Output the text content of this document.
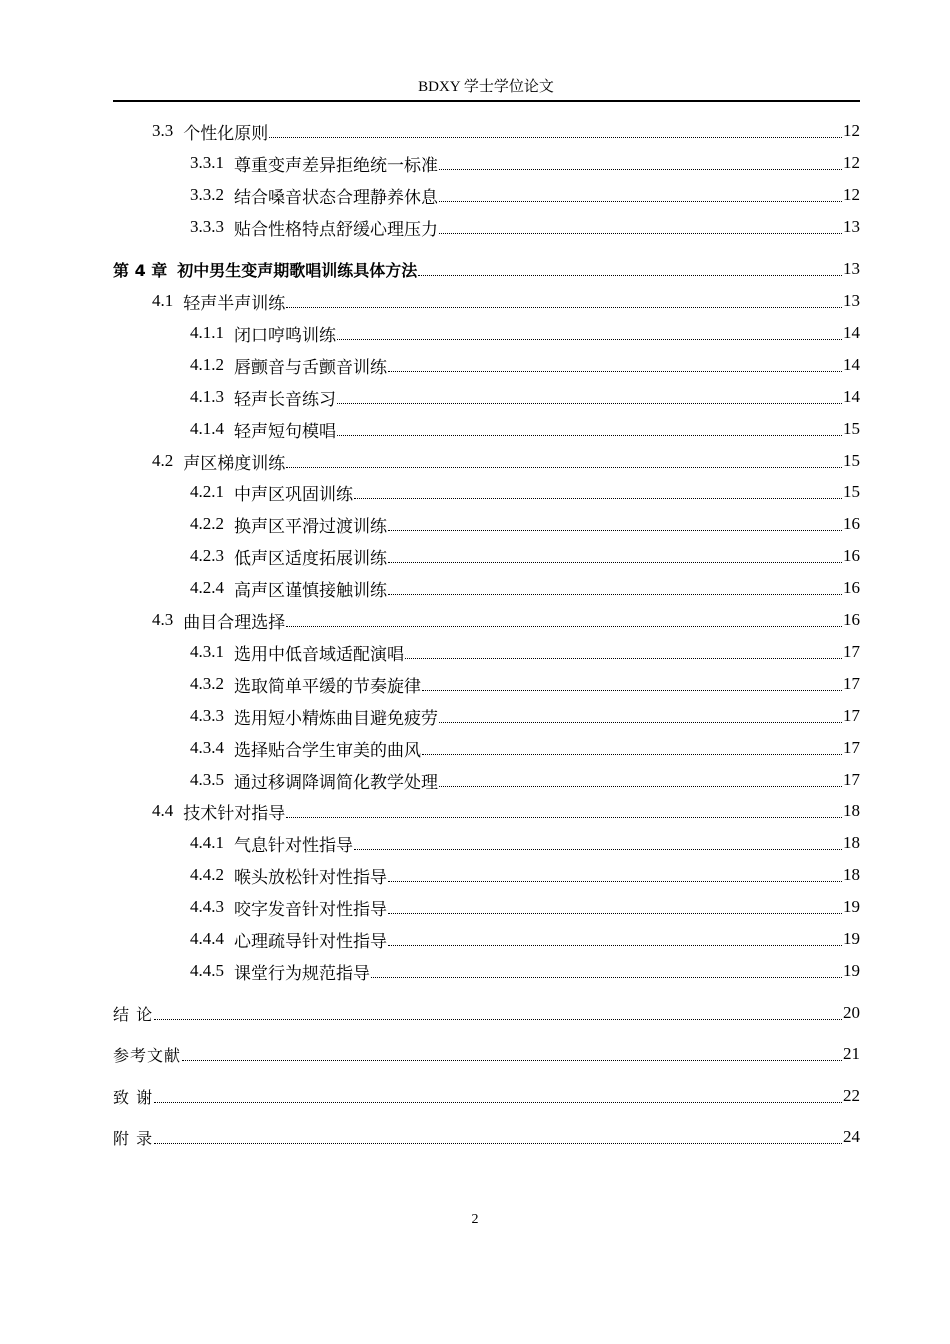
BDXY 学士学位论文
3.3 个性化原则	12
3.3.1 尊重变声差异拒绝统一标准	12
3.3.2 结合嗓音状态合理静养休息	12
3.3.3 贴合性格特点舒缓心理压力	13
第 4 章 初中男生变声期歌唱训练具体方法	13
4.1 轻声半声训练	13
4.1.1 闭口哼鸣训练	14
4.1.2 唇颤音与舌颤音训练	14
4.1.3 轻声长音练习	14
4.1.4 轻声短句模唱	15
4.2 声区梯度训练	15
4.2.1 中声区巩固训练	15
4.2.2 换声区平滑过渡训练	16
4.2.3 低声区适度拓展训练	16
4.2.4 高声区谨慎接触训练	16
4.3 曲目合理选择	16
4.3.1 选用中低音域适配演唱	17
4.3.2 选取简单平缓的节奏旋律	17
4.3.3 选用短小精炼曲目避免疲劳	17
4.3.4 选择贴合学生审美的曲风	17
4.3.5 通过移调降调简化教学处理	17
4.4 技术针对指导	18
4.4.1 气息针对性指导	18
4.4.2 喉头放松针对性指导	18
4.4.3 咬字发音针对性指导	19
4.4.4 心理疏导针对性指导	19
4.4.5 课堂行为规范指导	19
结 论	20
参考文献	21
致 谢	22
附 录	24
2
